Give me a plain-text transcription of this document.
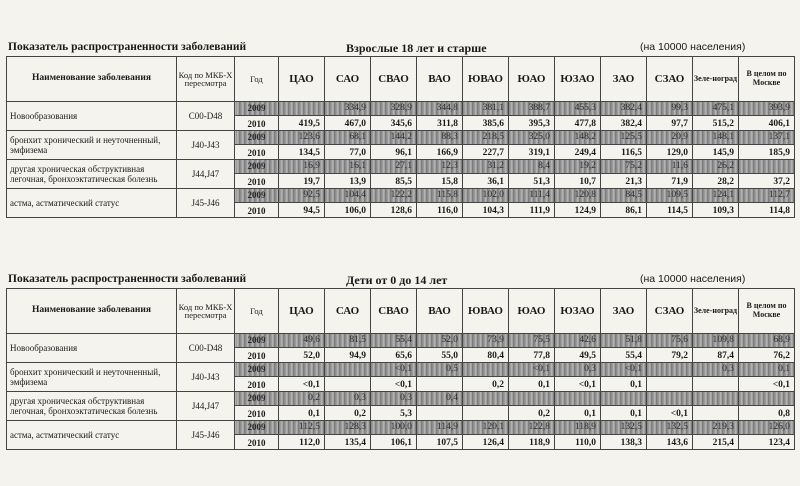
Показатель распространенности заболеваний	Взрослые 18 лет и старше	(на 10000 населения)
Наименование заболевания	Код по МКБ-Х пересмотра	Год	ЦАО	САО	СВАО	ВАО	ЮВАО	ЮАО	ЮЗАО	ЗАО	СЗАО	Зеле-ноград	В целом по Москве
Новообразования	C00-D48	2009		334,9	328,9	344,8	381,1	388,7	455,3	382,4	99,3	475,1	393,9
		2010	419,5	467,0	345,6	311,8	385,6	395,3	477,8	382,4	97,7	515,2	406,1
бронхит хронический и неуточненный, эмфизема	J40-J43	2009	123,6	68,1	144,2	88,3	218,5	325,0	148,2	125,5	20,9	148,1	137,1
		2010	134,5	77,0	96,1	166,9	227,7	319,1	249,4	116,5	129,0	145,9	185,9
другая хроническая обструктивная легочная, бронхоэктатическая болезнь	J44,J47	2009	16,9	16,1	27,1	12,3	31,2	8,4	19,2	75,2	11,6	26,2	
		2010	19,7	13,9	85,5	15,8	36,1	51,3	10,7	21,3	71,9	28,2	37,2
астма, астматический статус	J45-J46	2009	92,5	104,4	122,2	115,8	102,0	111,4	120,8	84,5	109,5	124,1	112,7
		2010	94,5	106,0	128,6	116,0	104,3	111,9	124,9	86,1	114,5	109,3	114,8
Показатель распространенности заболеваний	Дети от 0 до 14 лет	(на 10000 населения)
Наименование заболевания	Код по МКБ-Х пересмотра	Год	ЦАО	САО	СВАО	ВАО	ЮВАО	ЮАО	ЮЗАО	ЗАО	СЗАО	Зеле-ноград	В целом по Москве
Новообразования	C00-D48	2009	49,6	81,5	55,4	52,0	73,9	75,5	42,6	51,8	75,6	109,8	68,9
		2010	52,0	94,9	65,6	55,0	80,4	77,8	49,5	55,4	79,2	87,4	76,2
бронхит хронический и неуточненный, эмфизема	J40-J43	2009			<0,1	0,5		<0,1	0,3	<0,1		0,3	0,1
		2010	<0,1		<0,1		0,2	0,1	<0,1	0,1			<0,1
другая хроническая обструктивная легочная, бронхоэктатическая болезнь	J44,J47	2009	0,2	0,3	0,3	0,4							
		2010	0,1	0,2	5,3			0,2	0,1	0,1	<0,1		0,8
астма, астматический статус	J45-J46	2009	112,5	128,3	100,0	114,9	120,1	122,8	118,9	132,5	132,5	219,3	126,0
		2010	112,0	135,4	106,1	107,5	126,4	118,9	110,0	138,3	143,6	215,4	123,4
